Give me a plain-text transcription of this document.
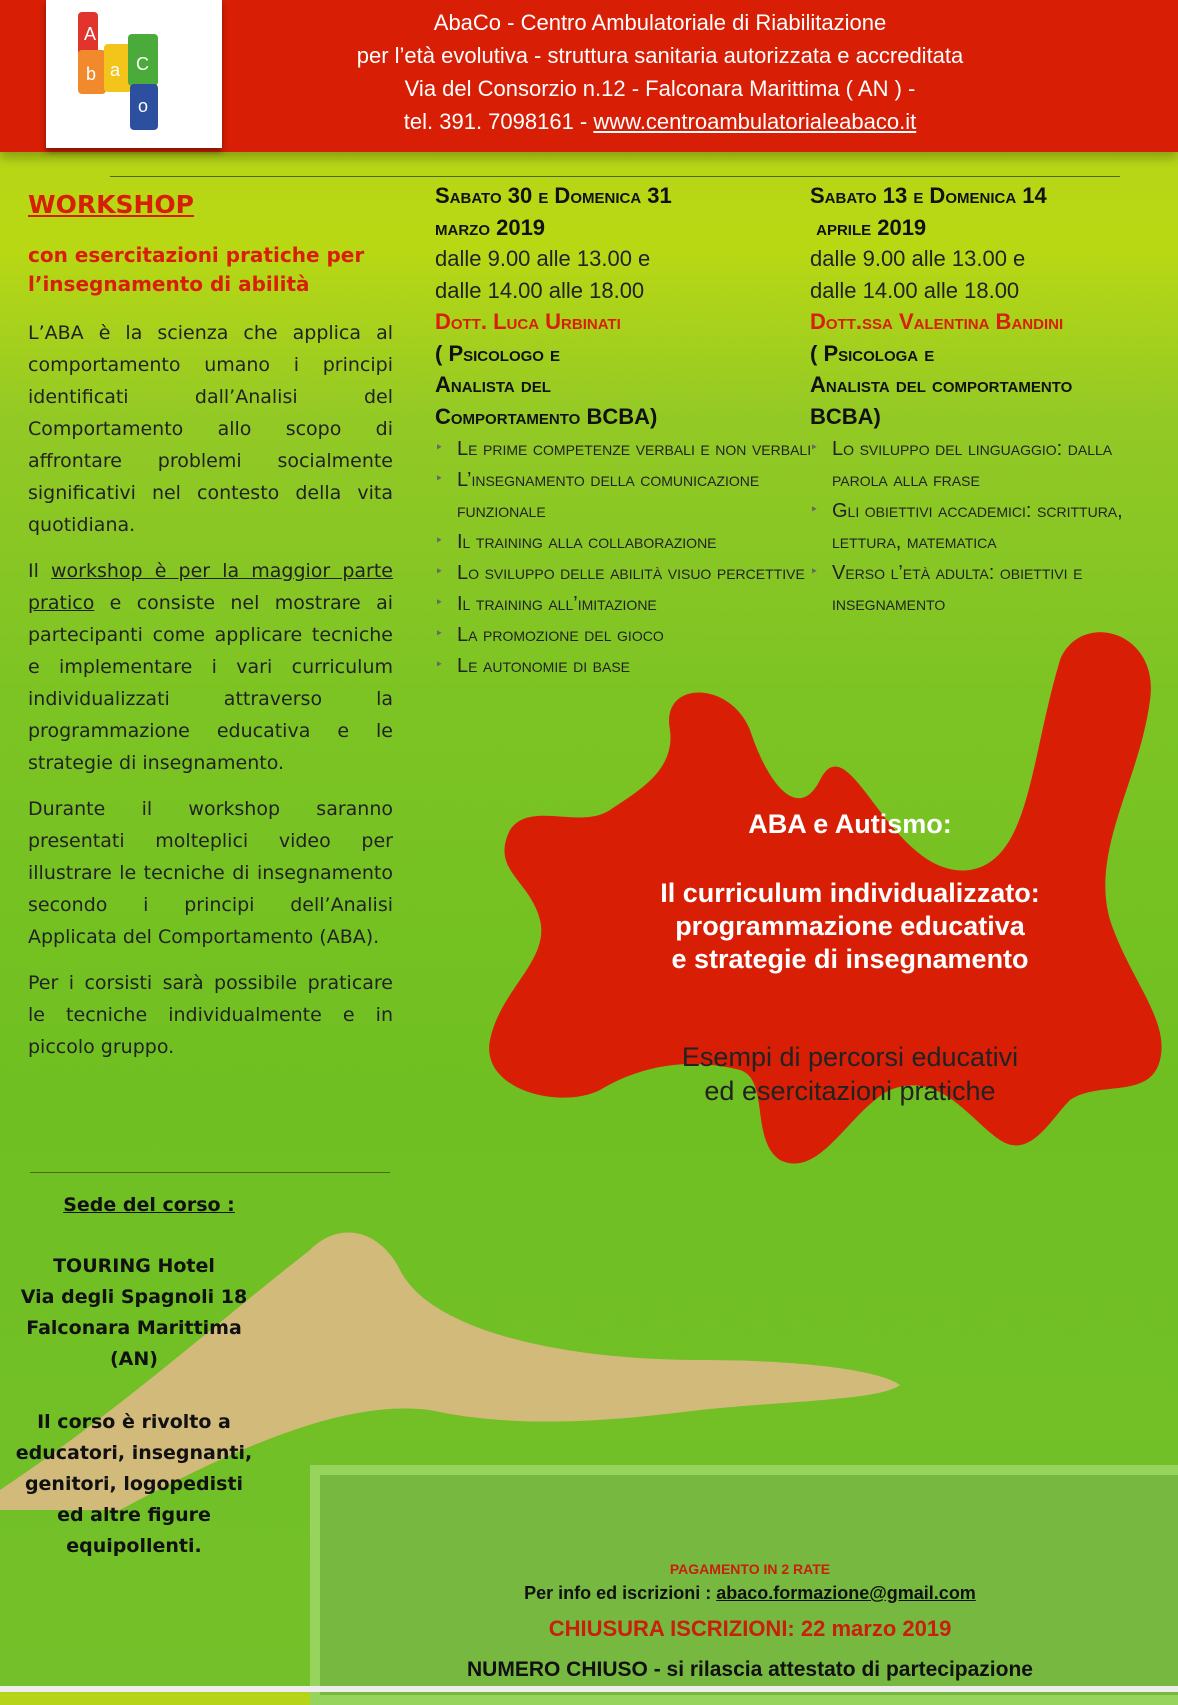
A
b a C
o
AbaCo - Centro Ambulatoriale di Riabilitazione
per l’età evolutiva - struttura sanitaria autorizzata e accreditata
Via del Consorzio n.12 - Falconara Marittima ( AN ) -
tel. 391. 7098161 - www.centroambulatorialeabaco.it
WORKSHOP
con esercitazioni pratiche per l’insegnamento di abilità
L’ABA è la scienza che applica al comportamento umano i principi identificati dall’Analisi del Comportamento allo scopo di affrontare problemi socialmente significativi nel contesto della vita quotidiana.
Il workshop è per la maggior parte pratico e consiste nel mostrare ai partecipanti come applicare tecniche e implementare i vari curriculum individualizzati attraverso la programmazione educativa e le strategie di insegnamento.
Durante il workshop saranno presentati molteplici video per illustrare le tecniche di insegnamento secondo i principi dell’Analisi Applicata del Comportamento (ABA).
Per i corsisti sarà possibile praticare le tecniche individualmente e in piccolo gruppo.
Sede del corso :
TOURING Hotel
Via degli Spagnoli 18
Falconara Marittima
(AN)
Il corso è rivolto a
educatori, insegnanti,
genitori, logopedisti
ed altre figure
equipollenti.
Sabato 30 e Domenica 31
marzo 2019
dalle 9.00 alle 13.00 e
dalle 14.00 alle 18.00
Dott. Luca Urbinati
( Psicologo e
Analista del
Comportamento BCBA)
‣ Le prime competenze verbali e non verbali
‣ L’insegnamento della comunicazione funzionale
‣ Il training alla collaborazione
‣ Lo sviluppo delle abilità visuo percettive
‣ Il training all’imitazione
‣ La promozione del gioco
‣ Le autonomie di base
Sabato 13 e Domenica 14
aprile 2019
dalle 9.00 alle 13.00 e
dalle 14.00 alle 18.00
Dott.ssa Valentina Bandini
( Psicologa e
Analista del comportamento
BCBA)
‣ Lo sviluppo del linguaggio: dalla parola alla frase
‣ Gli obiettivi accademici: scrittura, lettura, matematica
‣ Verso l’età adulta: obiettivi e insegnamento
ABA e Autismo:
Il curriculum individualizzato:
programmazione educativa
e strategie di insegnamento
Esempi di percorsi educativi
ed esercitazioni pratiche
PAGAMENTO IN 2 RATE
Per info ed iscrizioni : abaco.formazione@gmail.com
CHIUSURA ISCRIZIONI: 22 marzo 2019
NUMERO CHIUSO - si rilascia attestato di partecipazione
